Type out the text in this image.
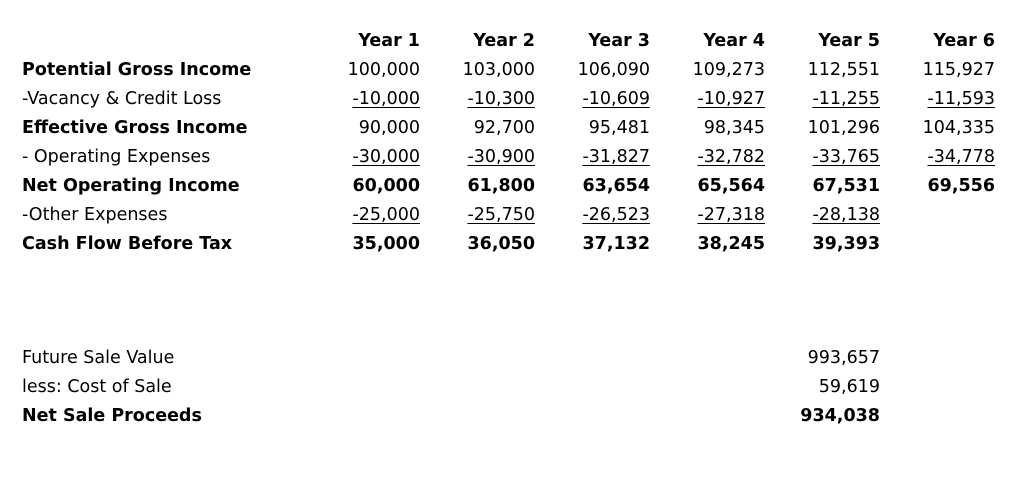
Year 1	Year 2	Year 3	Year 4	Year 5	Year 6
Potential Gross Income	100,000	103,000	106,090	109,273	112,551	115,927
-Vacancy & Credit Loss	-10,000	-10,300	-10,609	-10,927	-11,255	-11,593
Effective Gross Income	90,000	92,700	95,481	98,345	101,296	104,335
- Operating Expenses	-30,000	-30,900	-31,827	-32,782	-33,765	-34,778
Net Operating Income	60,000	61,800	63,654	65,564	67,531	69,556
-Other Expenses	-25,000	-25,750	-26,523	-27,318	-28,138
Cash Flow Before Tax	35,000	36,050	37,132	38,245	39,393
Future Sale Value	993,657
less: Cost of Sale	59,619
Net Sale Proceeds	934,038
